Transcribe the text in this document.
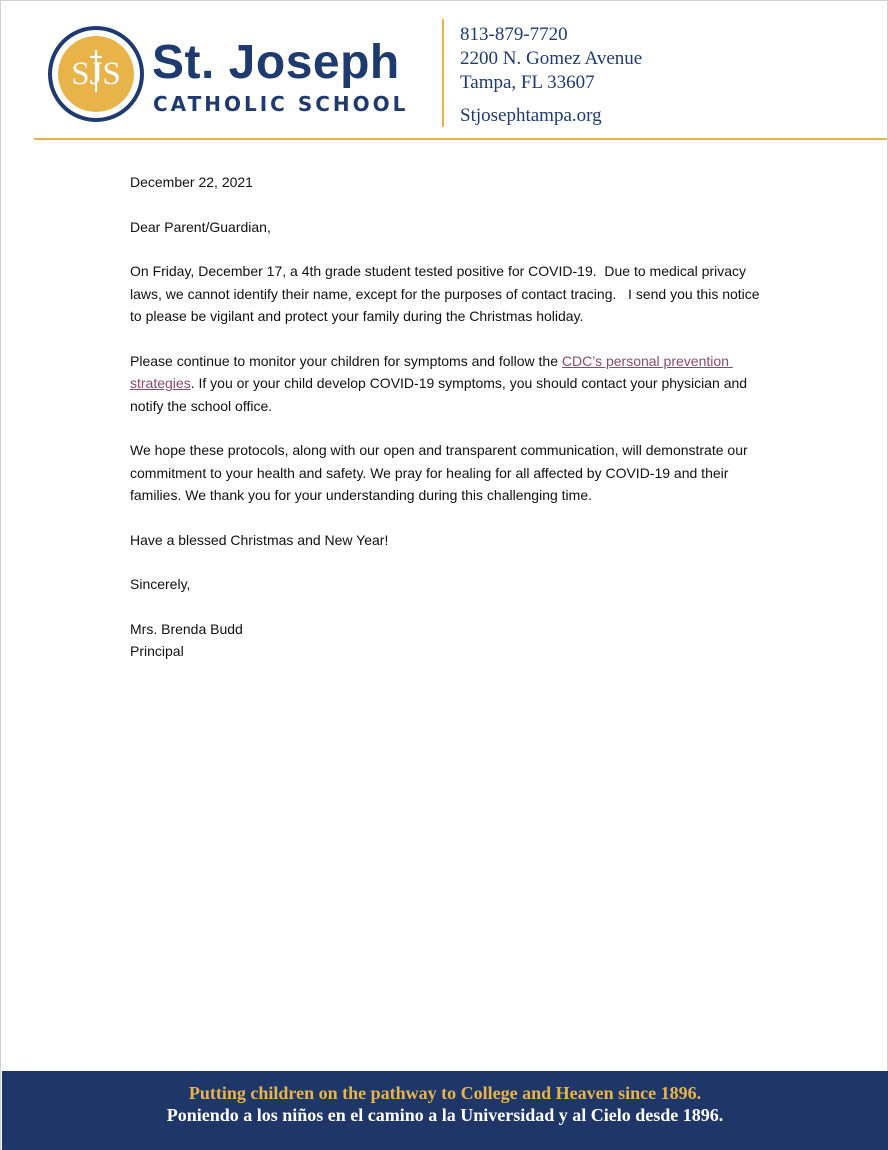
SJS St. Joseph
CATHOLIC SCHOOL
813-879-7720
2200 N. Gomez Avenue
Tampa, FL 33607
Stjosephtampa.org

December 22, 2021

Dear Parent/Guardian,

On Friday, December 17, a 4th grade student tested positive for COVID-19.  Due to medical privacy laws, we cannot identify their name, except for the purposes of contact tracing.   I send you this notice to please be vigilant and protect your family during the Christmas holiday.

Please continue to monitor your children for symptoms and follow the CDC’s personal prevention strategies. If you or your child develop COVID-19 symptoms, you should contact your physician and notify the school office.

We hope these protocols, along with our open and transparent communication, will demonstrate our commitment to your health and safety. We pray for healing for all affected by COVID-19 and their families. We thank you for your understanding during this challenging time.

Have a blessed Christmas and New Year!

Sincerely,

Mrs. Brenda Budd

Principal

Putting children on the pathway to College and Heaven since 1896.
Poniendo a los niños en el camino a la Universidad y al Cielo desde 1896.
